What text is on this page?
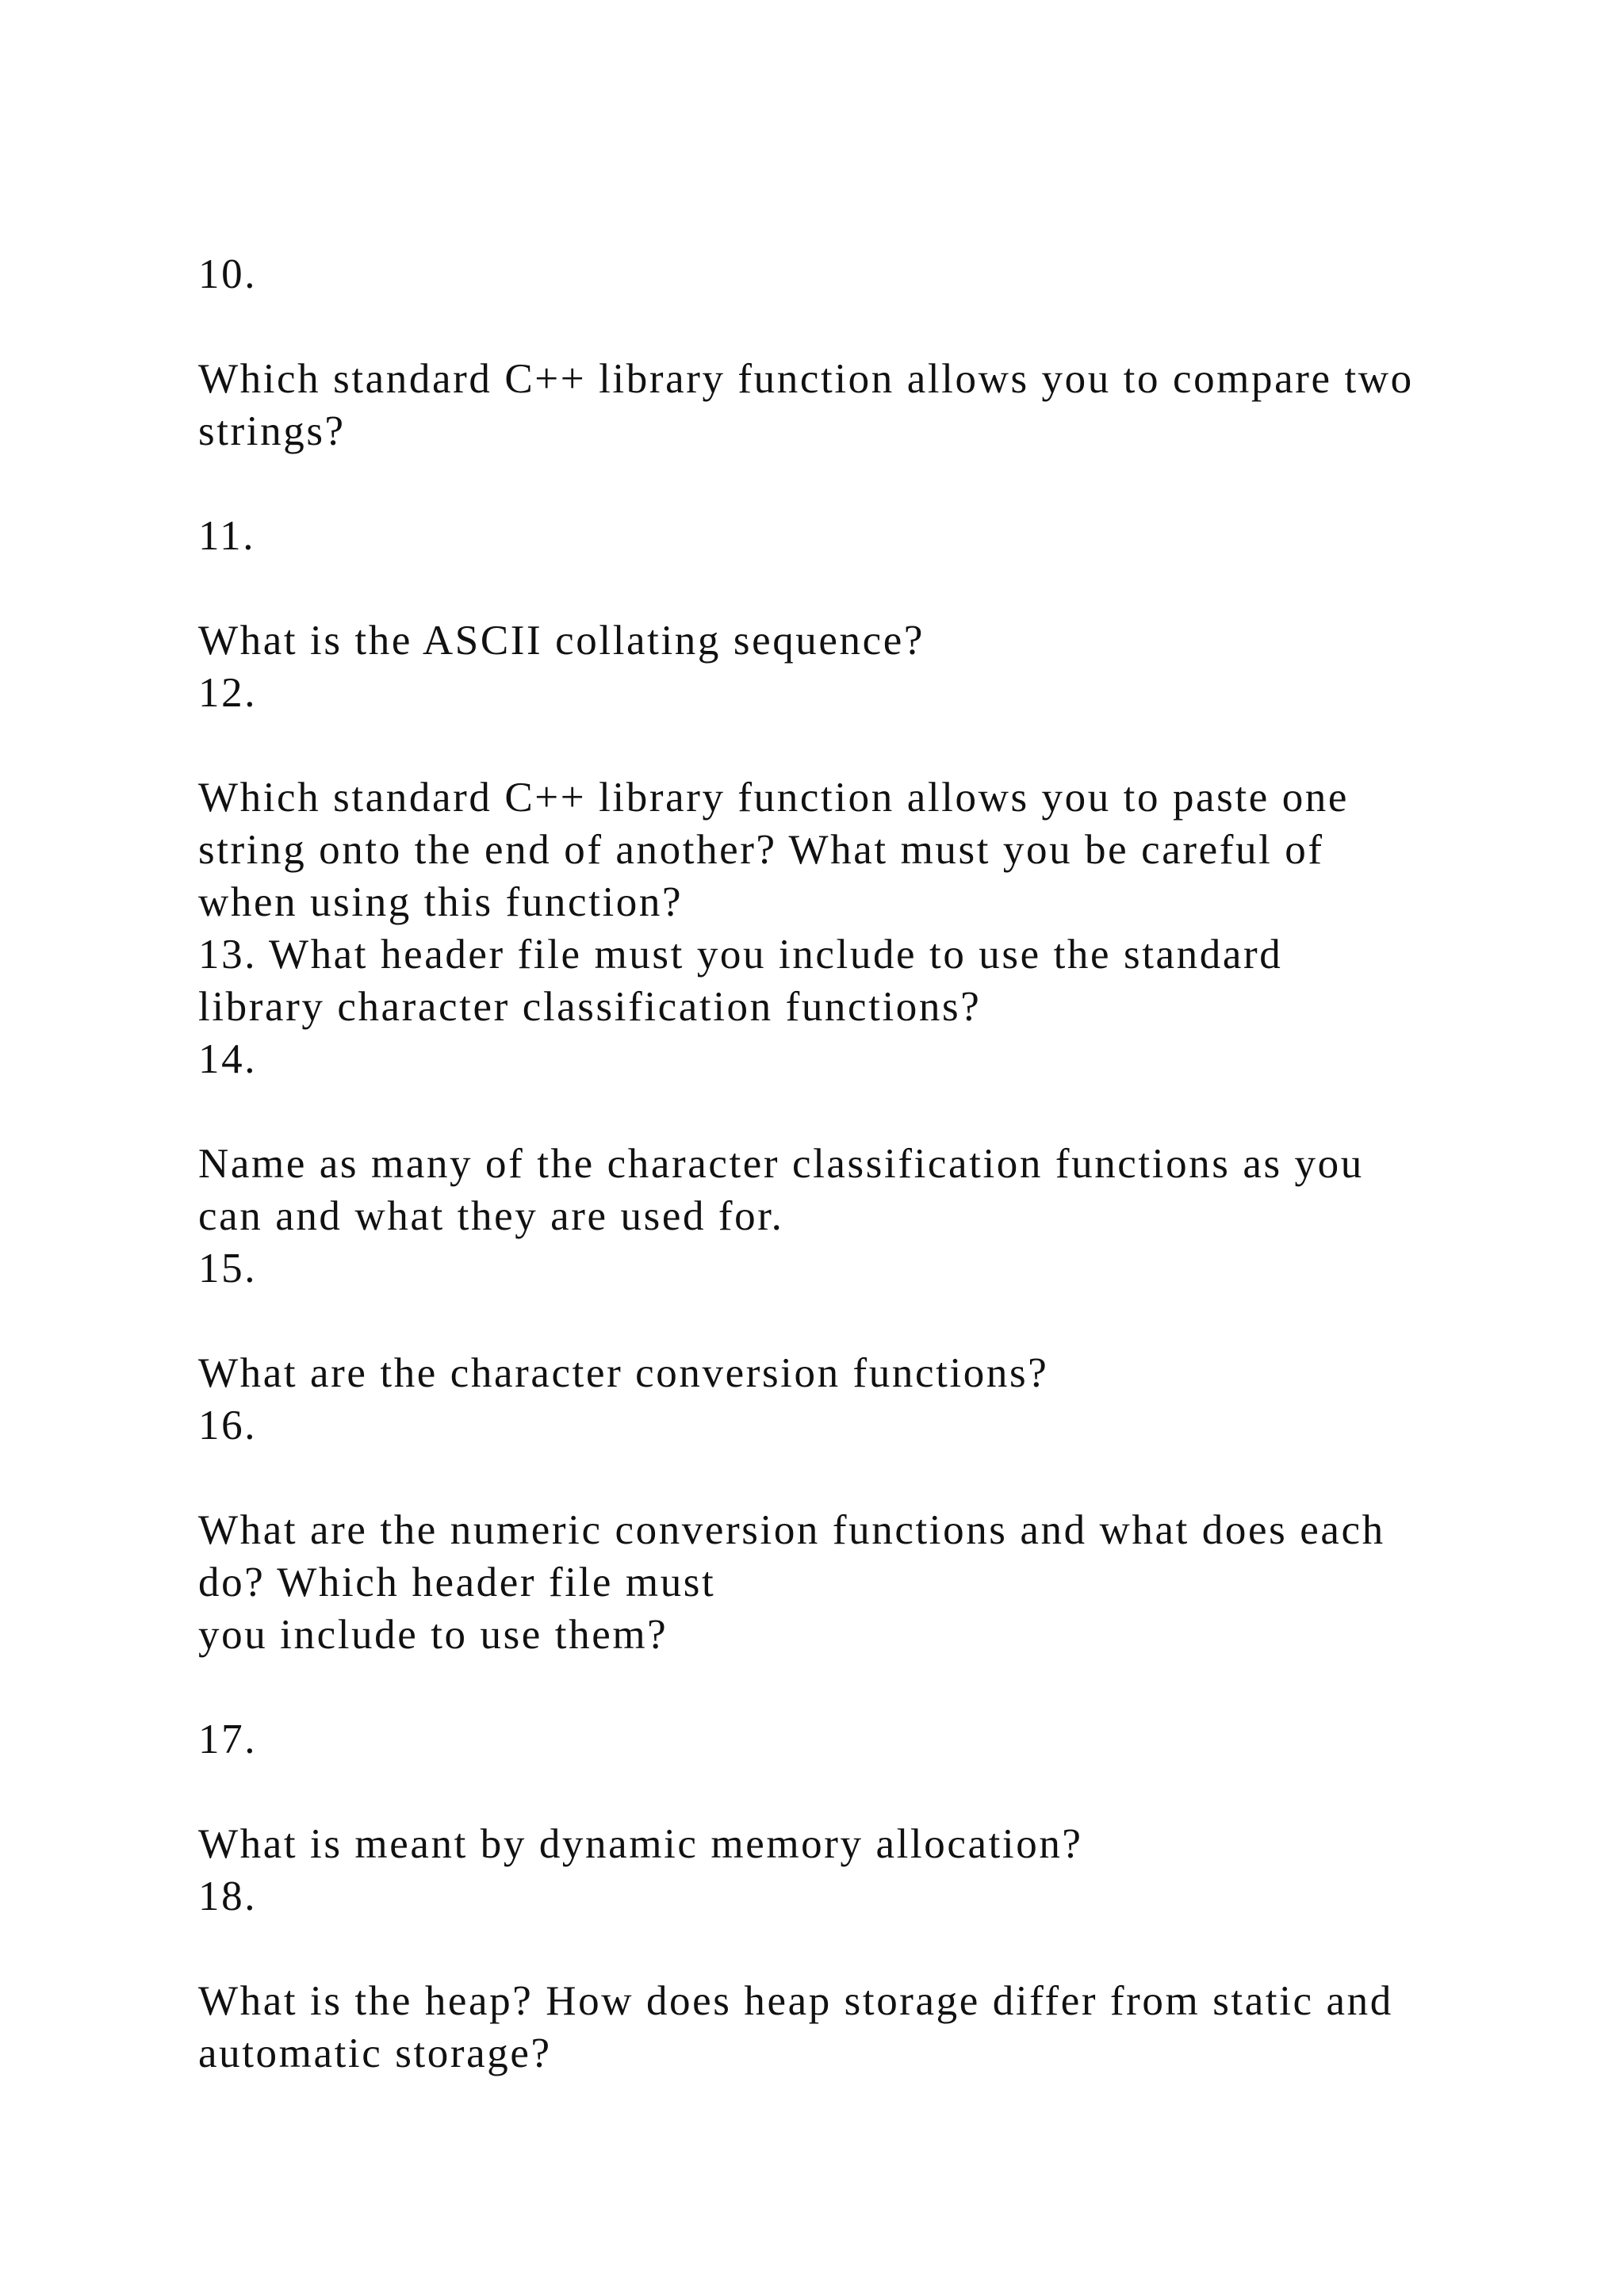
10.

Which standard C++ library function allows you to compare two

strings?

11.

What is the ASCII collating sequence?

12.

Which standard C++ library function allows you to paste one

string onto the end of another? What must you be careful of

when using this function?

13. What header file must you include to use the standard

library character classification functions?

14.

Name as many of the character classification functions as you

can and what they are used for.

15.

What are the character conversion functions?

16.

What are the numeric conversion functions and what does each

do? Which header file must

you include to use them?

17.

What is meant by dynamic memory allocation?

18.

What is the heap? How does heap storage differ from static and

automatic storage?
